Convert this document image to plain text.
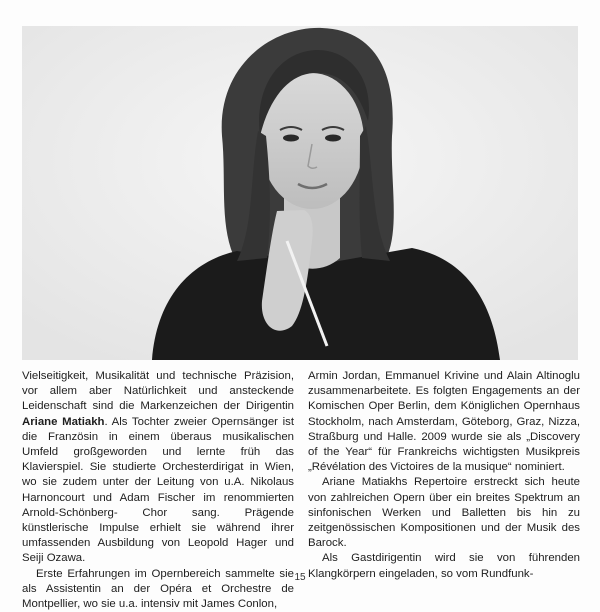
Vielseitigkeit, Musikalität und technische Präzision, vor allem aber Natürlichkeit und ansteckende Leidenschaft sind die Markenzeichen der Dirigentin Ariane Matiakh. Als Tochter zweier Opernsänger ist die Französin in einem überaus musikalischen Umfeld großgeworden und lernte früh das Klavierspiel. Sie studierte Orchesterdirigat in Wien, wo sie zudem unter der Leitung von u.A. Nikolaus Harnoncourt und Adam Fischer im renommierten Arnold-Schönberg- Chor sang. Prägende künstlerische Impulse erhielt sie während ihrer umfassenden Ausbildung von Leopold Hager und Seiji Ozawa.

Erste Erfahrungen im Opernbereich sammelte sie als Assistentin an der Opéra et Orchestre de Montpellier, wo sie u.a. intensiv mit James Conlon,

Armin Jordan, Emmanuel Krivine und Alain Altinoglu zusammenarbeitete. Es folgten Engagements an der Komischen Oper Berlin, dem Königlichen Opernhaus Stockholm, nach Amsterdam, Göteborg, Graz, Nizza, Straßburg und Halle. 2009 wurde sie als „Discovery of the Year“ für Frankreichs wichtigsten Musikpreis „Révélation des Victoires de la musique“ nominiert.

Ariane Matiakhs Repertoire erstreckt sich heute von zahlreichen Opern über ein breites Spektrum an sinfonischen Werken und Balletten bis hin zu zeitgenössischen Kompositionen und der Musik des Barock.

Als Gastdirigentin wird sie von führenden Klangkörpern eingeladen, so vom Rundfunk-

15
